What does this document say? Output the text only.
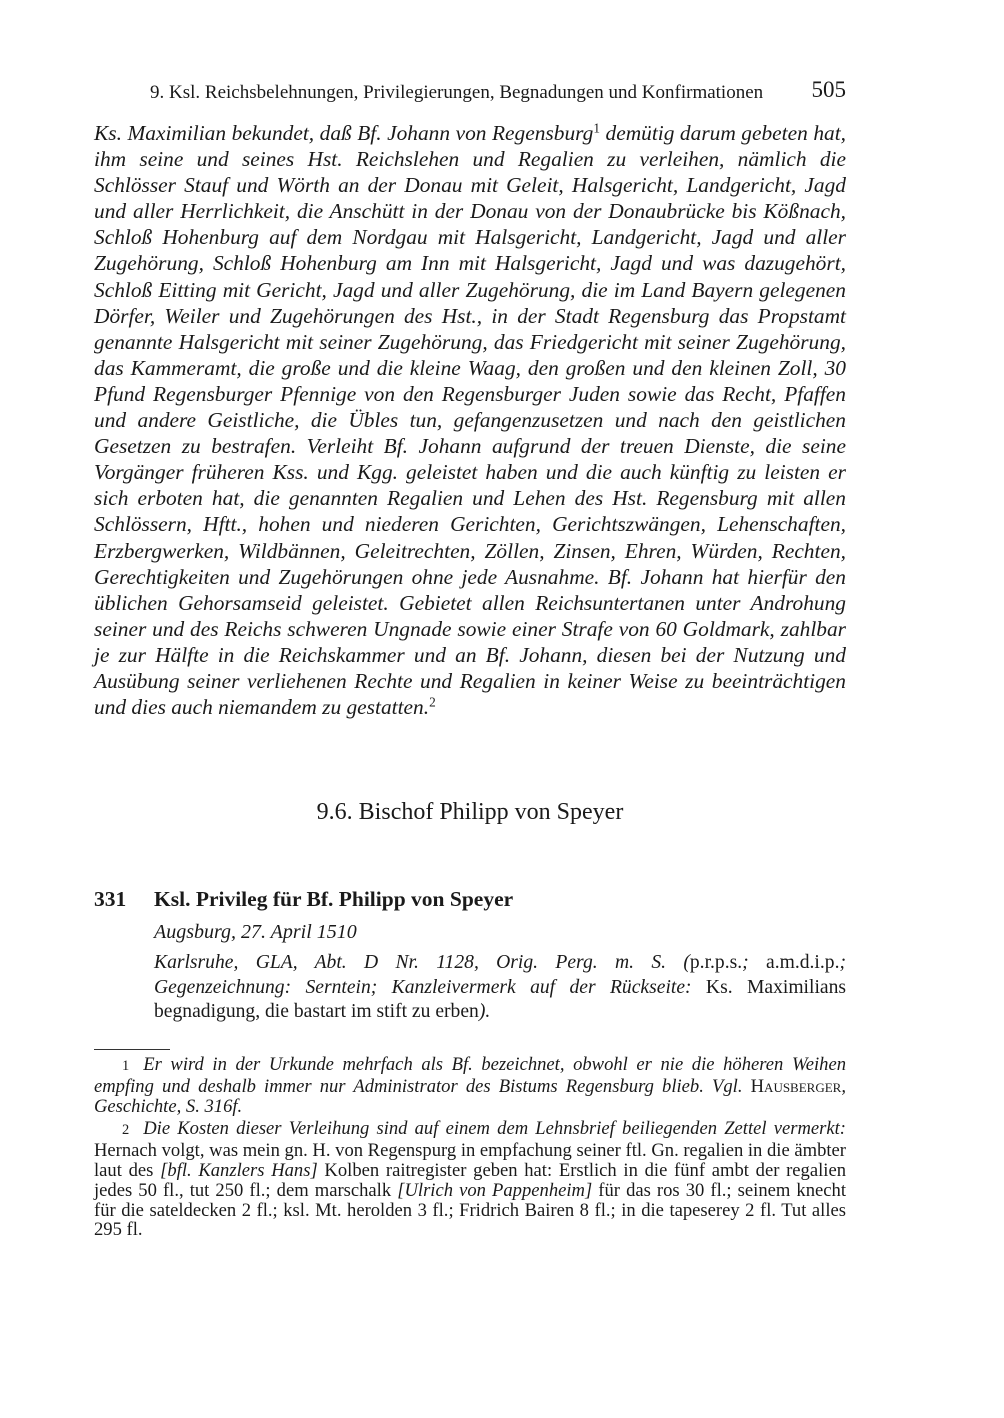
9. Ksl. Reichsbelehnungen, Privilegierungen, Begnadungen und Konfirmationen 505

Ks. Maximilian bekundet, daß Bf. Johann von Regensburg$^1$ demütig darum gebeten hat, ihm seine und seines Hst. Reichslehen und Regalien zu verleihen, nämlich die Schlösser Stauf und Wörth an der Donau mit Geleit, Halsgericht, Landgericht, Jagd und aller Herrlichkeit, die Anschütt in der Donau von der Donaubrücke bis Kößnach, Schloß Hohenburg auf dem Nordgau mit Halsgericht, Landgericht, Jagd und aller Zugehörung, Schloß Hohenburg am Inn mit Halsgericht, Jagd und was dazugehört, Schloß Eitting mit Gericht, Jagd und aller Zugehörung, die im Land Bayern gelegenen Dörfer, Weiler und Zugehörungen des Hst., in der Stadt Regensburg das Propstamt genannte Halsgericht mit seiner Zugehörung, das Friedgericht mit seiner Zugehörung, das Kammeramt, die große und die kleine Waag, den großen und den kleinen Zoll, 30 Pfund Regensburger Pfennige von den Regensburger Juden sowie das Recht, Pfaffen und andere Geistliche, die Übles tun, gefangenzusetzen und nach den geistlichen Gesetzen zu bestrafen. Verleiht Bf. Johann aufgrund der treuen Dienste, die seine Vorgänger früheren Kss. und Kgg. geleistet haben und die auch künftig zu leisten er sich erboten hat, die genannten Regalien und Lehen des Hst. Regensburg mit allen Schlössern, Hftt., hohen und niederen Gerichten, Gerichtszwängen, Lehenschaften, Erzbergwerken, Wildbännen, Geleitrechten, Zöllen, Zinsen, Ehren, Würden, Rechten, Gerechtigkeiten und Zugehörungen ohne jede Ausnahme. Bf. Johann hat hierfür den üblichen Gehorsamseid geleistet. Gebietet allen Reichsuntertanen unter Androhung seiner und des Reichs schweren Ungnade sowie einer Strafe von 60 Goldmark, zahlbar je zur Hälfte in die Reichskammer und an Bf. Johann, diesen bei der Nutzung und Ausübung seiner verliehenen Rechte und Regalien in keiner Weise zu beeinträchtigen und dies auch niemandem zu gestatten.$^2$

9.6. Bischof Philipp von Speyer
331 Ksl. Privileg für Bf. Philipp von Speyer
Augsburg, 27. April 1510

Karlsruhe, GLA, Abt. D Nr. 1128, Orig. Perg. m. S. (p.r.p.s.; a.m.d.i.p.; Gegenzeichnung: Serntein; Kanzleivermerk auf der Rückseite: Ks. Maximilians begnadigung, die bastart im stift zu erben).

1 Er wird in der Urkunde mehrfach als Bf. bezeichnet, obwohl er nie die höheren Weihen empfing und deshalb immer nur Administrator des Bistums Regensburg blieb. Vgl. Hausberger, Geschichte, S. 316f.

2 Die Kosten dieser Verleihung sind auf einem dem Lehnsbrief beiliegenden Zettel vermerkt: Hernach volgt, was mein gn. H. von Regenspurg in empfachung seiner ftl. Gn. regalien in die ämbter laut des [bfl. Kanzlers Hans] Kolben raitregister geben hat: Erstlich in die fünf ambt der regalien jedes 50 fl., tut 250 fl.; dem marschalk [Ulrich von Pappenheim] für das ros 30 fl.; seinem knecht für die sateldecken 2 fl.; ksl. Mt. herolden 3 fl.; Fridrich Bairen 8 fl.; in die tapeserey 2 fl. Tut alles 295 fl.
